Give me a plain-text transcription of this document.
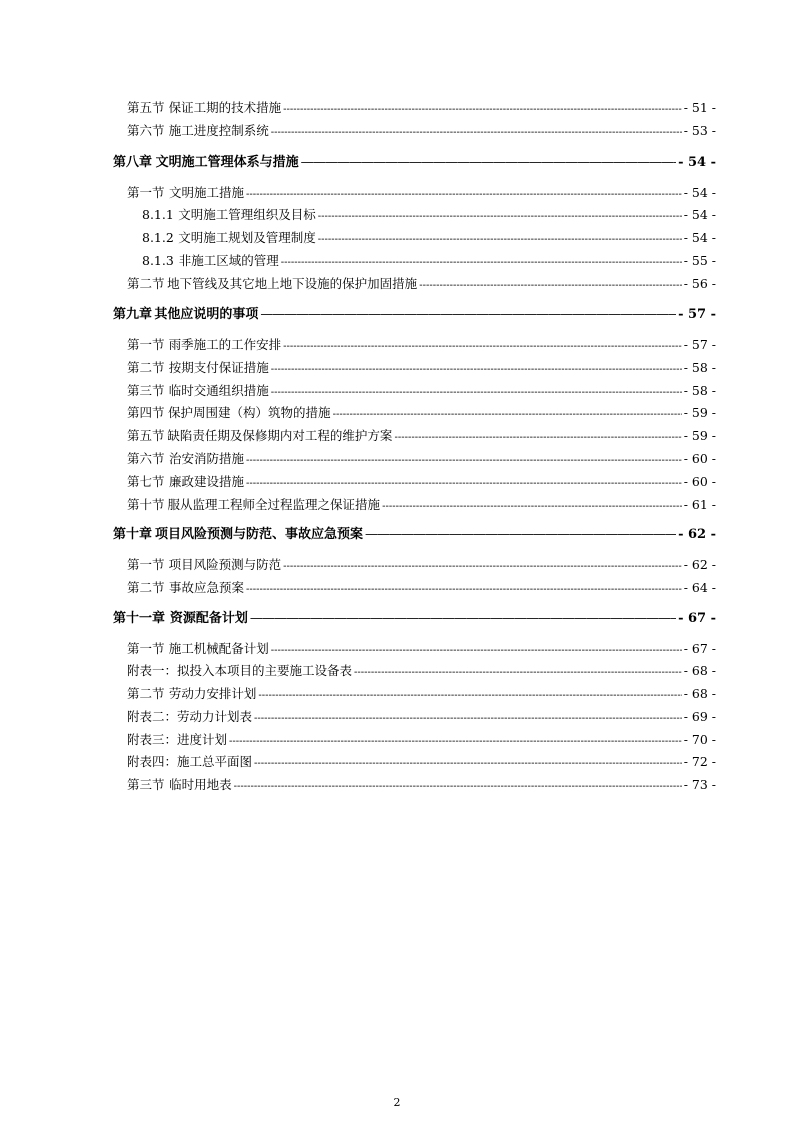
第五节 保证工期的技术措施 -----	- 51 -
第六节 施工进度控制系统 -----	- 53 -
第八章 文明施工管理体系与措施 —————	- 54 -
第一节 文明施工措施 -----	- 54 -
8.1.1 文明施工管理组织及目标 -----	- 54 -
8.1.2 文明施工规划及管理制度 -----	- 54 -
8.1.3 非施工区域的管理 -----	- 55 -
第二节 地下管线及其它地上地下设施的保护加固措施 -----	- 56 -
第九章 其他应说明的事项 —————	- 57 -
第一节 雨季施工的工作安排 -----	- 57 -
第二节 按期支付保证措施 -----	- 58 -
第三节 临时交通组织措施 -----	- 58 -
第四节 保护周围建（构）筑物的措施 -----	- 59 -
第五节 缺陷责任期及保修期内对工程的维护方案 -----	- 59 -
第六节 治安消防措施 -----	- 60 -
第七节 廉政建设措施 -----	- 60 -
第十节 服从监理工程师全过程监理之保证措施 -----	- 61 -
第十章 项目风险预测与防范、事故应急预案 —————	- 62 -
第一节 项目风险预测与防范 -----	- 62 -
第二节 事故应急预案 -----	- 64 -
第十一章 资源配备计划 —————	- 67 -
第一节 施工机械配备计划 -----	- 67 -
附表一： 拟投入本项目的主要施工设备表 -----	- 68 -
第二节 劳动力安排计划 -----	- 68 -
附表二： 劳动力计划表 -----	- 69 -
附表三： 进度计划 -----	- 70 -
附表四： 施工总平面图 -----	- 72 -
第三节 临时用地表 -----	- 73 -
2
